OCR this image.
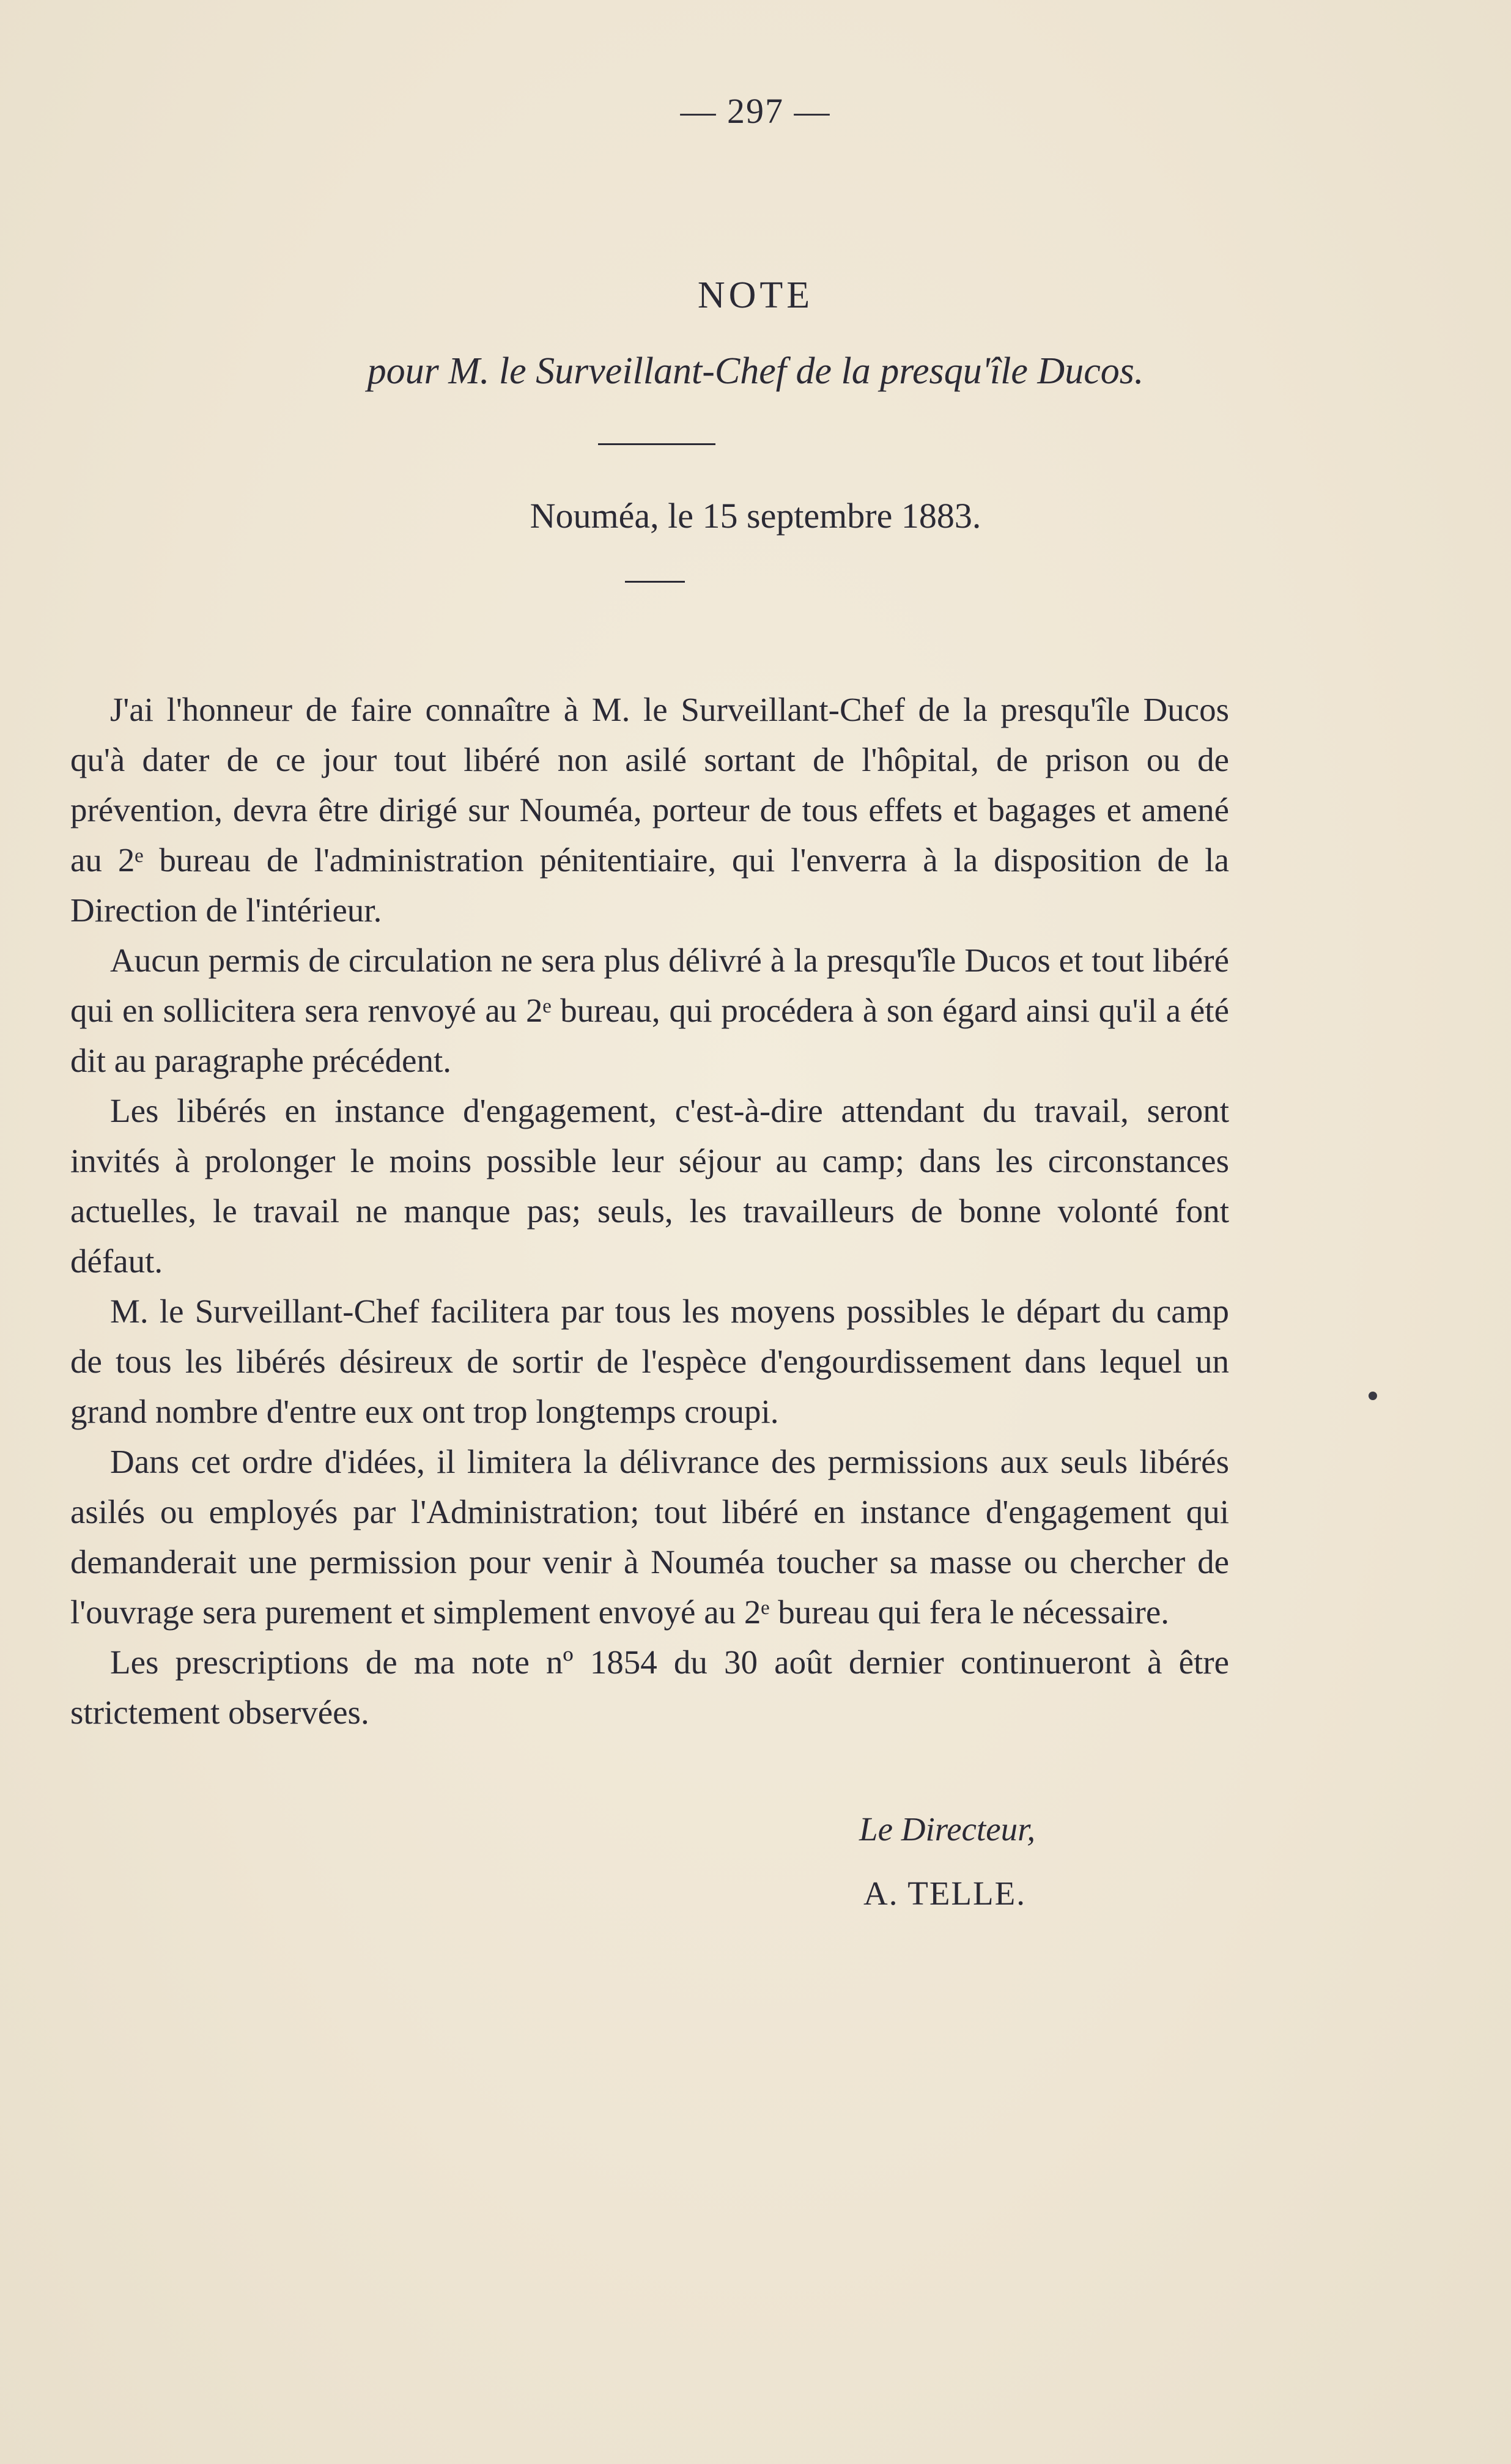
— 297 —
NOTE
pour M. le Surveillant-Chef de la presqu'île Ducos.
Nouméa, le 15 septembre 1883.

J'ai l'honneur de faire connaître à M. le Surveillant-Chef de la presqu'île Ducos qu'à dater de ce jour tout libéré non asilé sortant de l'hôpital, de prison ou de prévention, devra être dirigé sur Nouméa, porteur de tous effets et bagages et amené au 2ᵉ bureau de l'administration pénitentiaire, qui l'enverra à la disposition de la Direction de l'intérieur.

Aucun permis de circulation ne sera plus délivré à la presqu'île Ducos et tout libéré qui en sollicitera sera renvoyé au 2ᵉ bureau, qui procédera à son égard ainsi qu'il a été dit au paragraphe précédent.

Les libérés en instance d'engagement, c'est-à-dire attendant du travail, seront invités à prolonger le moins possible leur séjour au camp; dans les circonstances actuelles, le travail ne manque pas; seuls, les travailleurs de bonne volonté font défaut.

M. le Surveillant-Chef facilitera par tous les moyens possibles le départ du camp de tous les libérés désireux de sortir de l'espèce d'engourdissement dans lequel un grand nombre d'entre eux ont trop longtemps croupi.

Dans cet ordre d'idées, il limitera la délivrance des permissions aux seuls libérés asilés ou employés par l'Administration; tout libéré en instance d'engagement qui demanderait une permission pour venir à Nouméa toucher sa masse ou chercher de l'ouvrage sera purement et simplement envoyé au 2ᵉ bureau qui fera le nécessaire.

Les prescriptions de ma note nº 1854 du 30 août dernier continueront à être strictement observées.

Le Directeur,
A. TELLE.
